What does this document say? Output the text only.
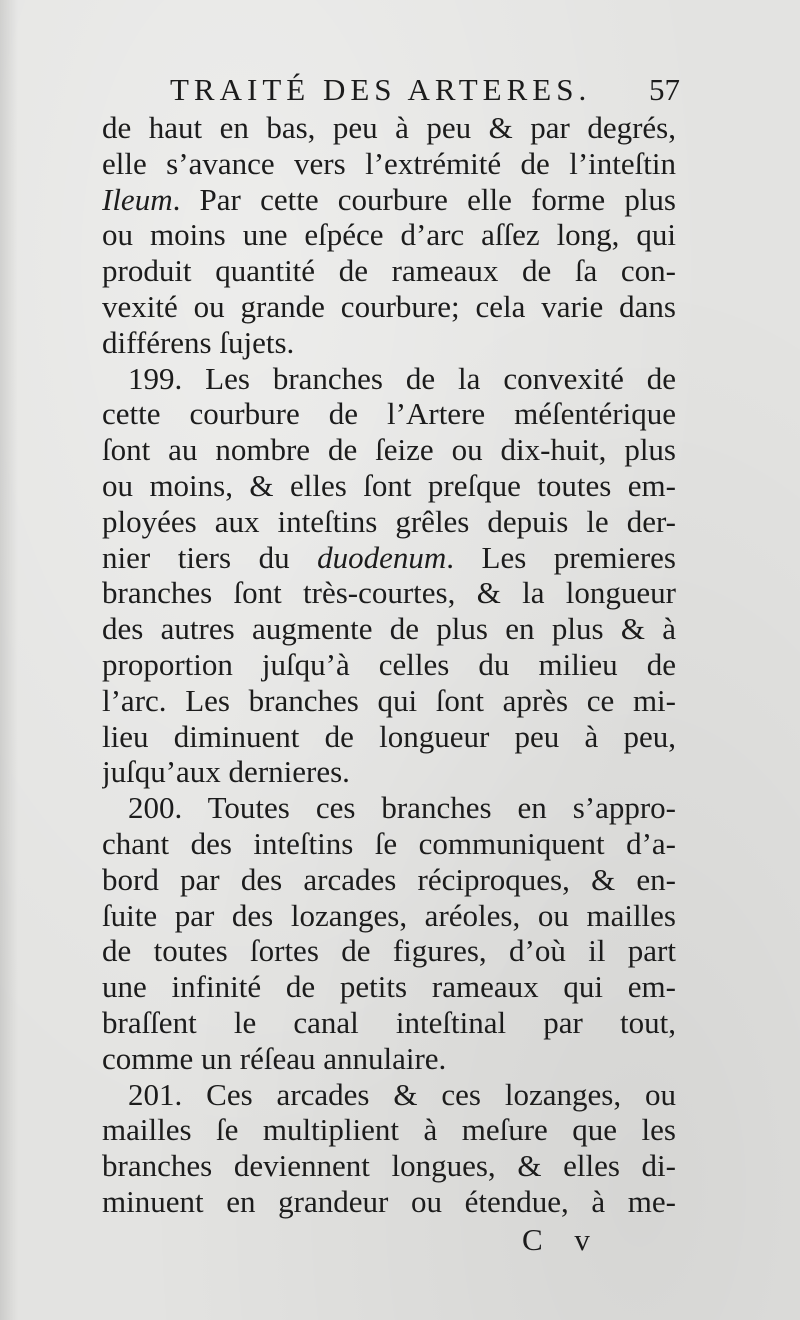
TRAITÉ DES ARTERES. 57
de haut en bas, peu à peu & par degrés,
elle s’avance vers l’extrémité de l’inteſtin
Ileum. Par cette courbure elle forme plus
ou moins une eſpéce d’arc aſſez long, qui
produit quantité de rameaux de ſa con-
vexité ou grande courbure; cela varie dans
différens ſujets.
199. Les branches de la convexité de
cette courbure de l’Artere méſentérique
ſont au nombre de ſeize ou dix-huit, plus
ou moins, & elles ſont preſque toutes em-
ployées aux inteſtins grêles depuis le der-
nier tiers du duodenum. Les premieres
branches ſont très-courtes, & la longueur
des autres augmente de plus en plus & à
proportion juſqu’à celles du milieu de
l’arc. Les branches qui ſont après ce mi-
lieu diminuent de longueur peu à peu,
juſqu’aux dernieres.
200. Toutes ces branches en s’appro-
chant des inteſtins ſe communiquent d’a-
bord par des arcades réciproques, & en-
ſuite par des lozanges, aréoles, ou mailles
de toutes ſortes de figures, d’où il part
une infinité de petits rameaux qui em-
braſſent le canal inteſtinal par tout,
comme un réſeau annulaire.
201. Ces arcades & ces lozanges, ou
mailles ſe multiplient à meſure que les
branches deviennent longues, & elles di-
minuent en grandeur ou étendue, à me-
C v
